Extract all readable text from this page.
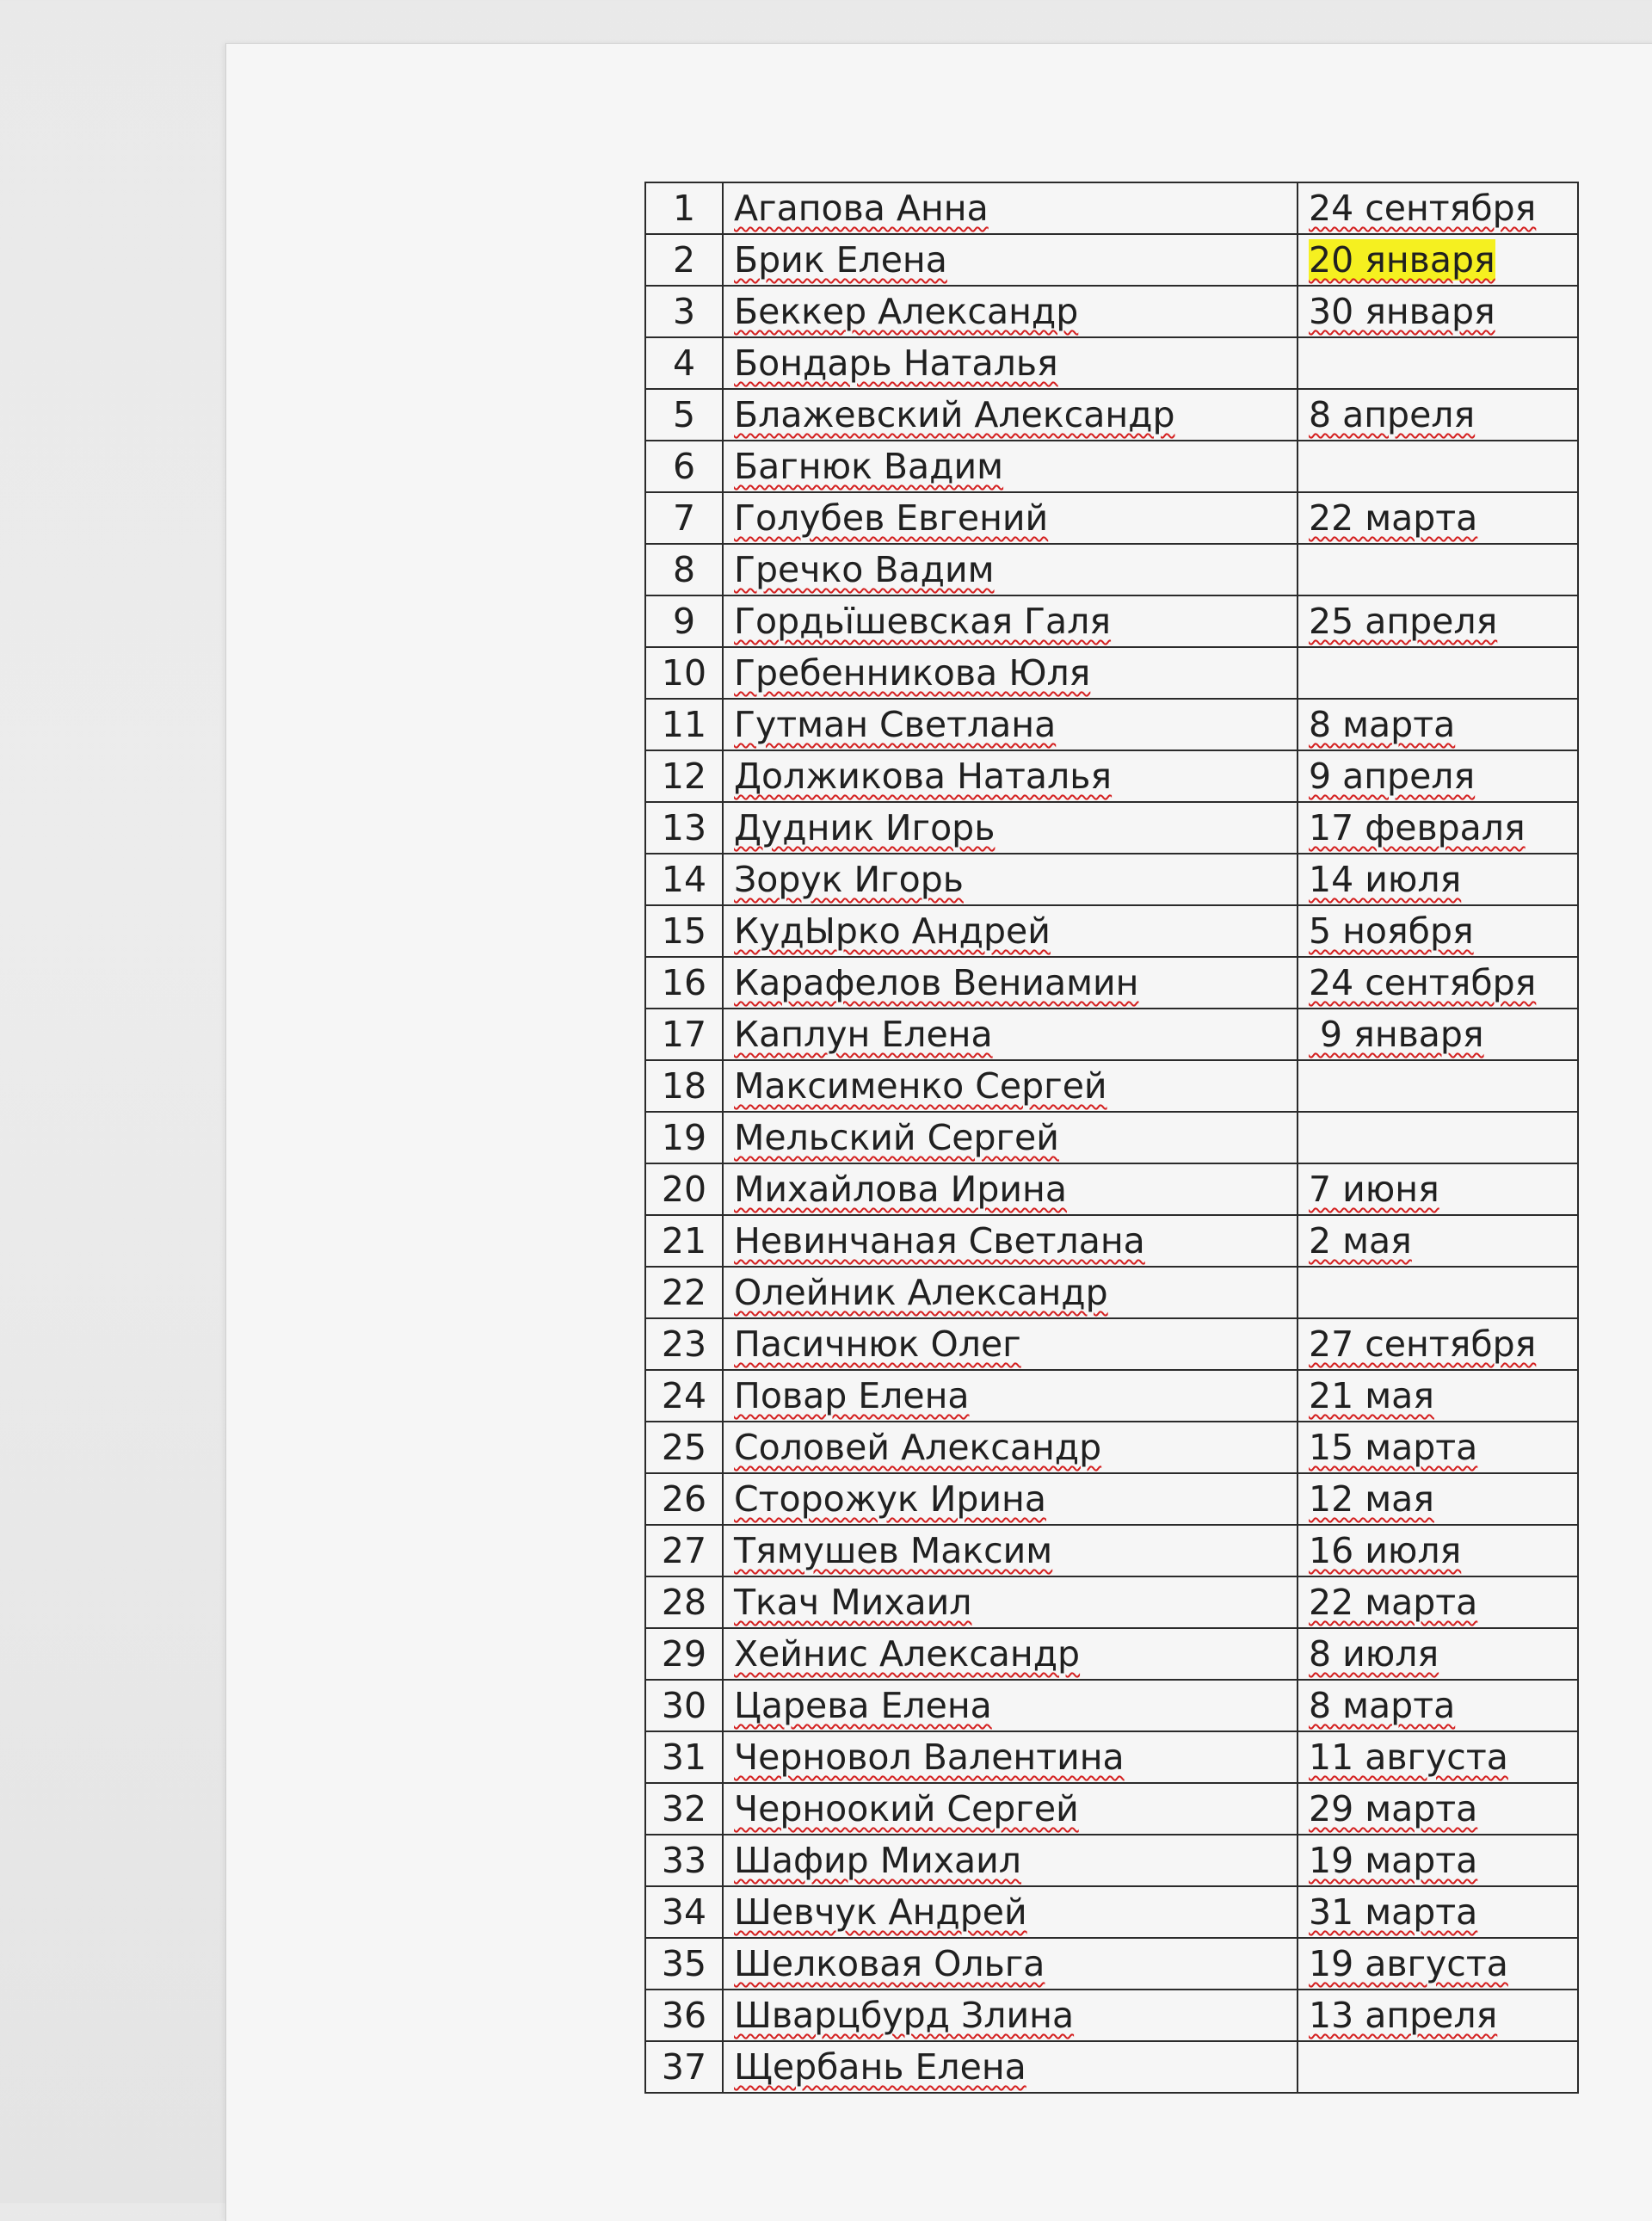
1	Агапова Анна	24 сентября
2	Брик Елена	20 января
3	Беккер Александр	30 января
4	Бондарь Наталья	
5	Блажевский Александр	8 апреля
6	Багнюк Вадим	
7	Голубев Евгений	22 марта
8	Гречко Вадим	
9	Гордьїшевская Галя	25 апреля
10	Гребенникова Юля	
11	Гутман Светлана	8 марта
12	Должикова Наталья	9 апреля
13	Дудник Игорь	17 февраля
14	Зорук Игорь	14 июля
15	КудЫрко Андрей	5 ноября
16	Карафелов Вениамин	24 сентября
17	Каплун Елена	9 января
18	Максименко Сергей	
19	Мельский Сергей	
20	Михайлова Ирина	7 июня
21	Невинчаная Светлана	2 мая
22	Олейник Александр	
23	Пасичнюк Олег	27 сентября
24	Повар Елена	21 мая
25	Соловей Александр	15 марта
26	Сторожук Ирина	12 мая
27	Тямушев Максим	16 июля
28	Ткач Михаил	22 марта
29	Хейнис Александр	8 июля
30	Царева Елена	8 марта
31	Черновол Валентина	11 августа
32	Черноокий Сергей	29 марта
33	Шафир Михаил	19 марта
34	Шевчук Андрей	31 марта
35	Шелковая Ольга	19 августа
36	Шварцбурд Злина	13 апреля
37	Щербань Елена	
